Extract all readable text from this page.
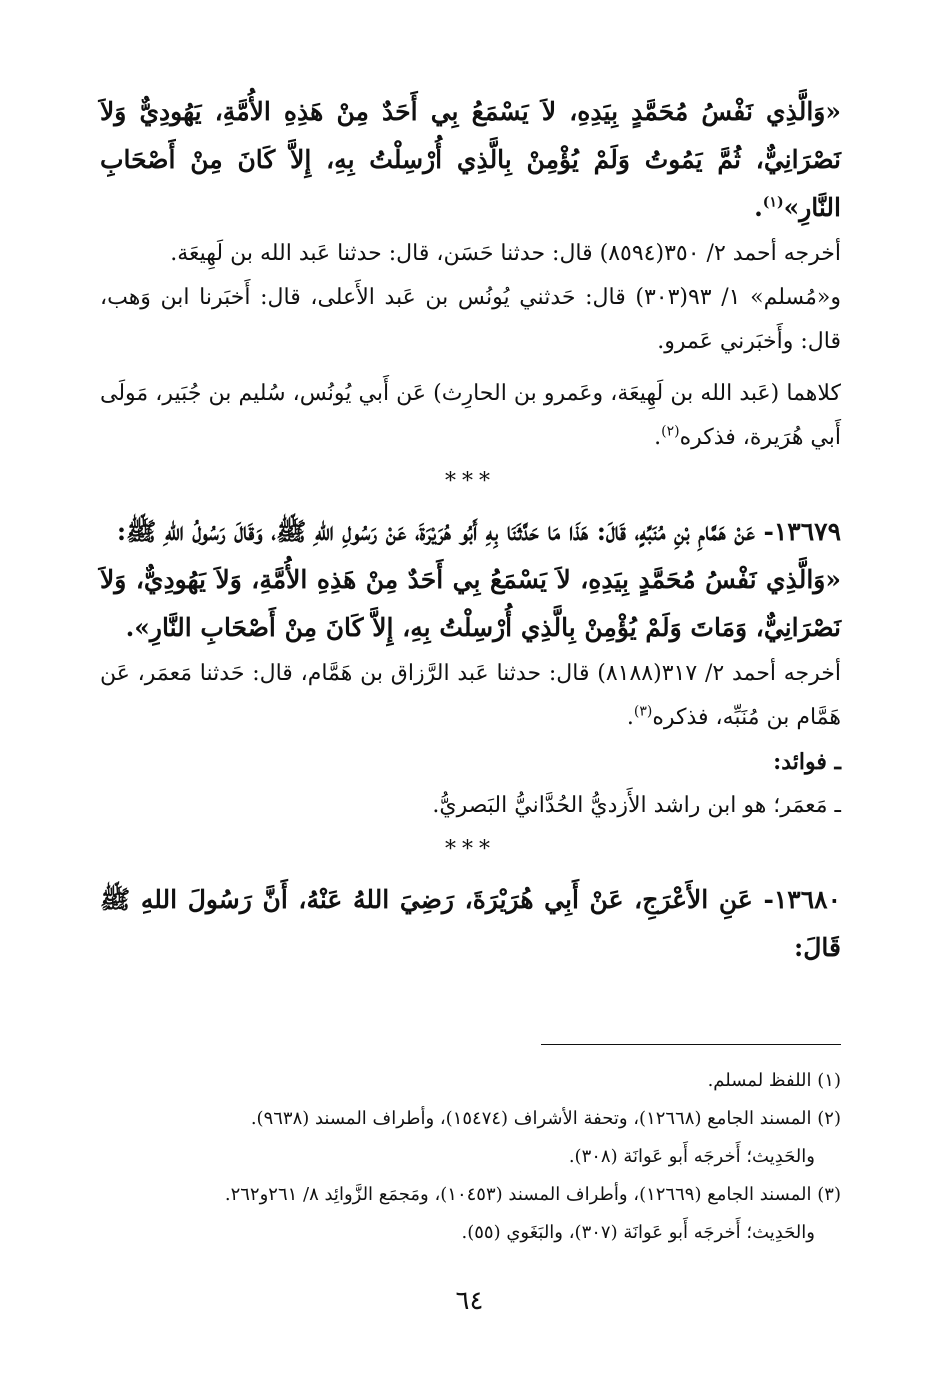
«وَالَّذِي نَفْسُ مُحَمَّدٍ بِيَدِهِ، لاَ يَسْمَعُ بِي أَحَدٌ مِنْ هَذِهِ الأُمَّةِ، يَهُودِيٌّ وَلاَ نَصْرَانِيٌّ، ثُمَّ يَمُوتُ وَلَمْ يُؤْمِنْ بِالَّذِي أُرْسِلْتُ بِهِ، إِلاَّ كَانَ مِنْ أَصْحَابِ النَّارِ»$^{(١)}$.

أخرجه أحمد ٢/ ٣٥٠(٨٥٩٤) قال: حدثنا حَسَن، قال: حدثنا عَبد الله بن لَهِيعَة.

و«مُسلم» ١/ ٩٣(٣٠٣) قال: حَدثني يُونُس بن عَبد الأَعلى، قال: أَخبَرنا ابن وَهب، قال: وأَخبَرني عَمرو.

كلاهما (عَبد الله بن لَهِيعَة، وعَمرو بن الحارِث) عَن أَبي يُونُس، سُليم بن جُبَير، مَولَى أَبي هُرَيرة، فذكره$^{(٢)}$.

***

١٣٦٧٩- عَنْ هَمَّامِ بْنِ مُنَبِّهٍ، قَالَ: هَذَا مَا حَدَّثَنَا بِهِ أَبُو هُرَيْرَةَ، عَنْ رَسُولِ اللهِ ﷺ، وَقَالَ رَسُولُ اللهِ ﷺ:

«وَالَّذِي نَفْسُ مُحَمَّدٍ بِيَدِهِ، لاَ يَسْمَعُ بِي أَحَدٌ مِنْ هَذِهِ الأُمَّةِ، وَلاَ يَهُودِيٌّ، وَلاَ نَصْرَانِيٌّ، وَمَاتَ وَلَمْ يُؤْمِنْ بِالَّذِي أُرْسِلْتُ بِهِ، إِلاَّ كَانَ مِنْ أَصْحَابِ النَّارِ».

أخرجه أحمد ٢/ ٣١٧(٨١٨٨) قال: حدثنا عَبد الرَّزاق بن هَمَّام، قال: حَدثنا مَعمَر، عَن هَمَّام بن مُنَبِّه، فذكره$^{(٣)}$.

ـ فوائد:

ـ مَعمَر؛ هو ابن راشد الأَزديُّ الحُدَّانيُّ البَصريُّ.

***

١٣٦٨٠- عَنِ الأَعْرَجِ، عَنْ أَبِي هُرَيْرَةَ، رَضِيَ اللهُ عَنْهُ، أَنَّ رَسُولَ اللهِ ﷺ قَالَ:

(١) اللفظ لمسلم.

(٢) المسند الجامع (١٢٦٦٨)، وتحفة الأشراف (١٥٤٧٤)، وأطراف المسند (٩٦٣٨).

والحَدِيث؛ أَخرجَه أَبو عَوانَة (٣٠٨).

(٣) المسند الجامع (١٢٦٦٩)، وأطراف المسند (١٠٤٥٣)، ومَجمَع الزَّوائِد ٨/ ٢٦١و٢٦٢.

والحَدِيث؛ أَخرجَه أَبو عَوانَة (٣٠٧)، والبَغَوي (٥٥).

٦٤
